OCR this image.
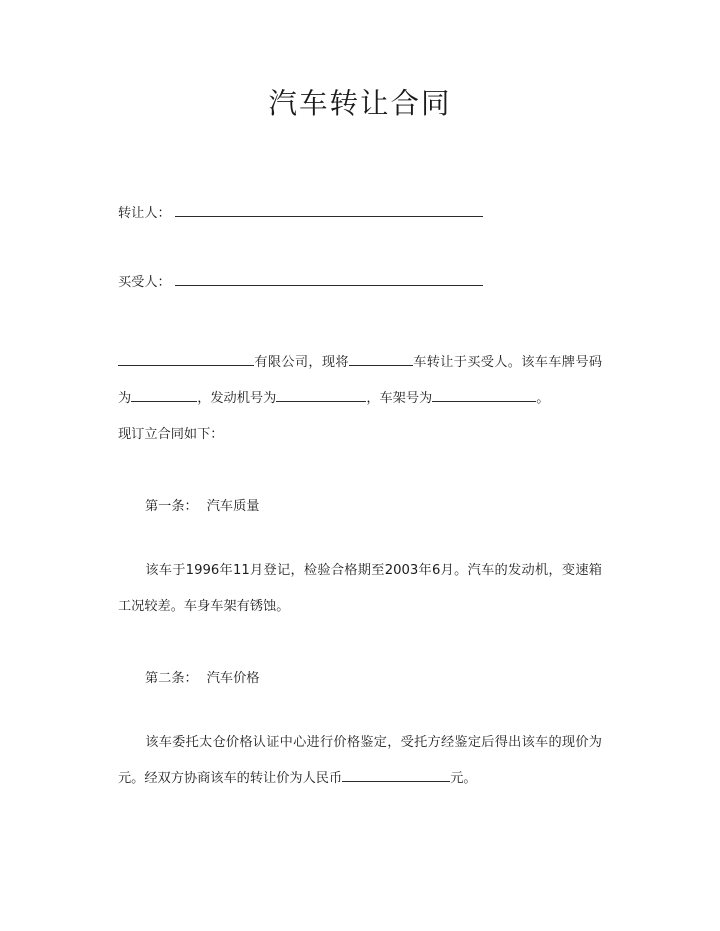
汽车转让合同
转让人：
买受人：

有限公司，现将	车转让于买受人。该车车牌号码为	，发动机号为	，车架号为	。

现订立合同如下：

第一条： 汽车质量

该车于1996年11月登记，检验合格期至2003年6月。汽车的发动机，变速箱工况较差。车身车架有锈蚀。

第二条： 汽车价格

该车委托太仓价格认证中心进行价格鉴定，受托方经鉴定后得出该车的现价为元。经双方协商该车的转让价为人民币	元。
